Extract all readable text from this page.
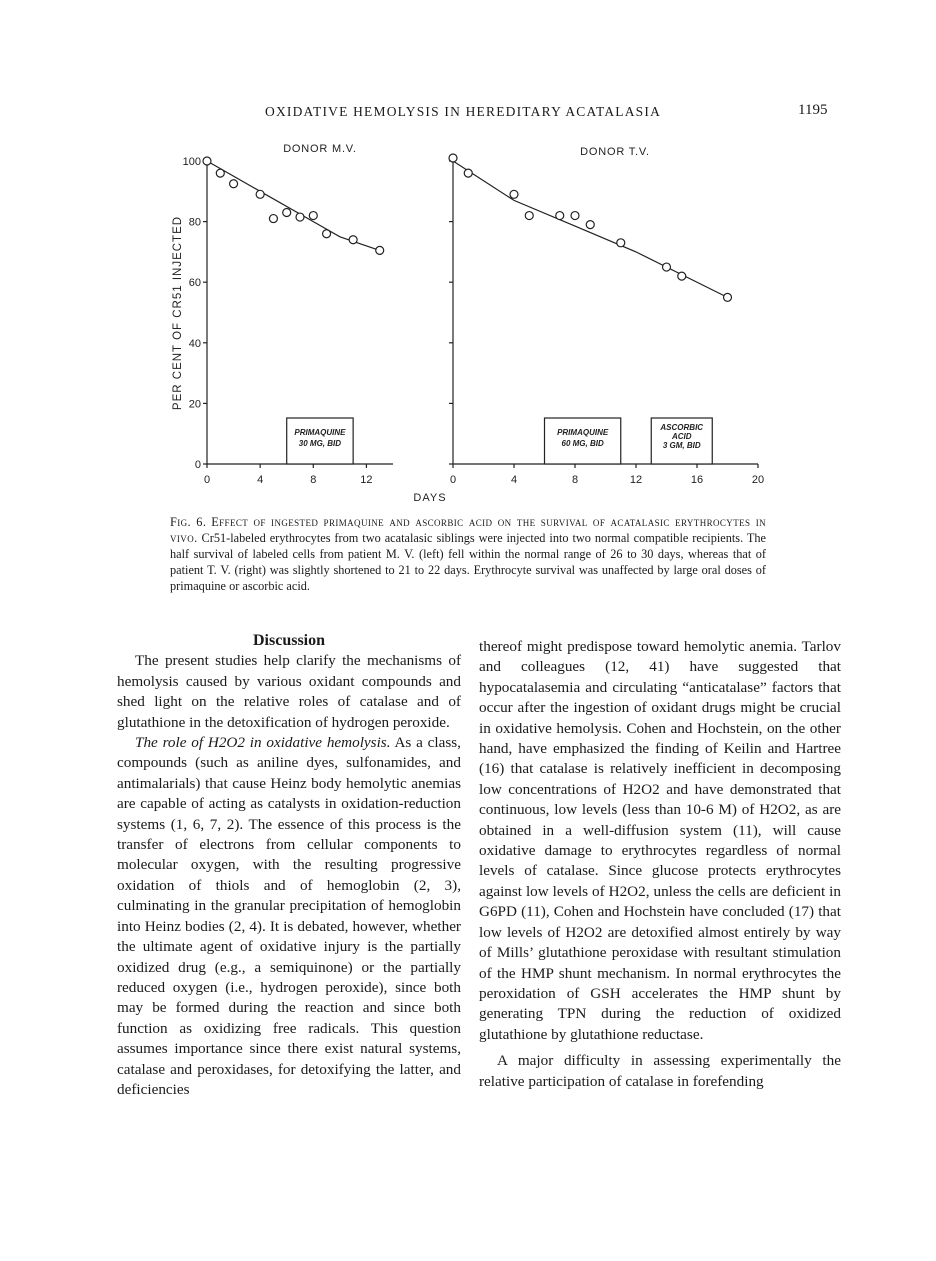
OXIDATIVE HEMOLYSIS IN HEREDITARY ACATALASIA	1195
PER CENT OF CR51 INJECTED
DAYS
DONOR M.V.
0
20
40
60
80
100
0	4	8	12
PRIMAQUINE
30 MG, BID
DONOR T.V.
0	4	8	12	16	20
PRIMAQUINE
60 MG, BID
ASCORBIC
ACID
3 GM, BID
Fig. 6. Effect of ingested primaquine and ascorbic acid on the survival of acatalasic erythrocytes in vivo. Cr51-labeled erythrocytes from two acatalasic siblings were injected into two normal compatible recipients. The half survival of labeled cells from patient M. V. (left) fell within the normal range of 26 to 30 days, whereas that of patient T. V. (right) was slightly shortened to 21 to 22 days. Erythrocyte survival was unaffected by large oral doses of primaquine or ascorbic acid.

Discussion

The present studies help clarify the mechanisms of hemolysis caused by various oxidant compounds and shed light on the relative roles of catalase and of glutathione in the detoxification of hydrogen peroxide.

The role of H2O2 in oxidative hemolysis. As a class, compounds (such as aniline dyes, sulfonamides, and antimalarials) that cause Heinz body hemolytic anemias are capable of acting as catalysts in oxidation-reduction systems (1, 6, 7, 2). The essence of this process is the transfer of electrons from cellular components to molecular oxygen, with the resulting progressive oxidation of thiols and of hemoglobin (2, 3), culminating in the granular precipitation of hemoglobin into Heinz bodies (2, 4). It is debated, however, whether the ultimate agent of oxidative injury is the partially oxidized drug (e.g., a semiquinone) or the partially reduced oxygen (i.e., hydrogen peroxide), since both may be formed during the reaction and since both function as oxidizing free radicals. This question assumes importance since there exist natural systems, catalase and peroxidases, for detoxifying the latter, and deficiencies

thereof might predispose toward hemolytic anemia. Tarlov and colleagues (12, 41) have suggested that hypocatalasemia and circulating “anticatalase” factors that occur after the ingestion of oxidant drugs might be crucial in oxidative hemolysis. Cohen and Hochstein, on the other hand, have emphasized the finding of Keilin and Hartree (16) that catalase is relatively inefficient in decomposing low concentrations of H2O2 and have demonstrated that continuous, low levels (less than 10-6 M) of H2O2, as are obtained in a well-diffusion system (11), will cause oxidative damage to erythrocytes regardless of normal levels of catalase. Since glucose protects erythrocytes against low levels of H2O2, unless the cells are deficient in G6PD (11), Cohen and Hochstein have concluded (17) that low levels of H2O2 are detoxified almost entirely by way of Mills’ glutathione peroxidase with resultant stimulation of the HMP shunt mechanism. In normal erythrocytes the peroxidation of GSH accelerates the HMP shunt by generating TPN during the reduction of oxidized glutathione by glutathione reductase.

A major difficulty in assessing experimentally the relative participation of catalase in forefending
